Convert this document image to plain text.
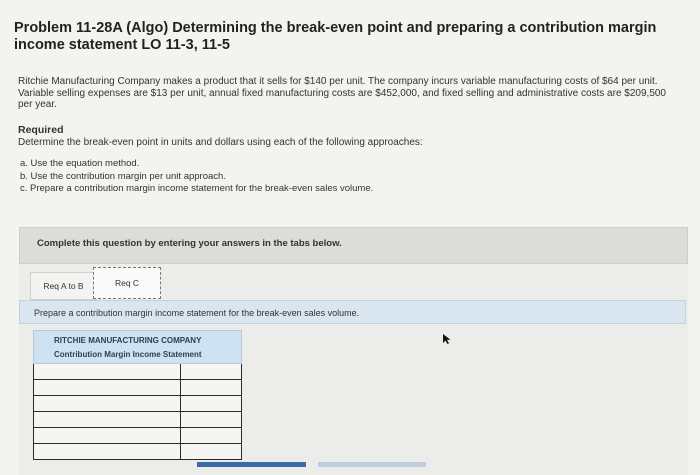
Problem 11-28A (Algo) Determining the break-even point and preparing a contribution margin income statement LO 11-3, 11-5
Ritchie Manufacturing Company makes a product that it sells for $140 per unit. The company incurs variable manufacturing costs of $64 per unit. Variable selling expenses are $13 per unit, annual fixed manufacturing costs are $452,000, and fixed selling and administrative costs are $209,500 per year.
Required
Determine the break-even point in units and dollars using each of the following approaches:
a. Use the equation method.
b. Use the contribution margin per unit approach.
c. Prepare a contribution margin income statement for the break-even sales volume.
Complete this question by entering your answers in the tabs below.
Req A to B	Req C
Prepare a contribution margin income statement for the break-even sales volume.
RITCHIE MANUFACTURING COMPANY
Contribution Margin Income Statement
